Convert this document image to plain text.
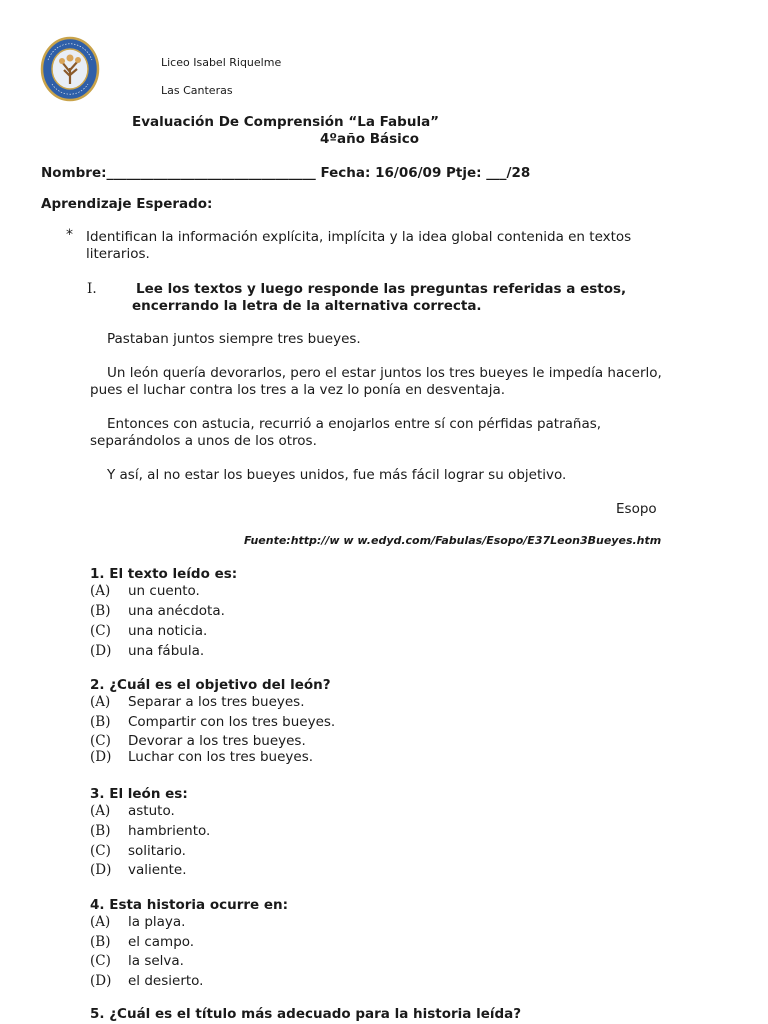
Liceo Isabel Riquelme
Las Canteras
Evaluación De Comprensión “La Fabula”
4ºaño Básico
Nombre:_______________________________ Fecha: 16/06/09 Ptje: ___/28
Aprendizaje Esperado:
* Identifican la información explícita, implícita y la idea global contenida en textos
literarios.
I.	Lee los textos y luego responde las preguntas referidas a estos,
encerrando la letra de la alternativa correcta.
Pastaban juntos siempre tres bueyes.
Un león quería devorarlos, pero el estar juntos los tres bueyes le impedía hacerlo,
pues el luchar contra los tres a la vez lo ponía en desventaja.
Entonces con astucia, recurrió a enojarlos entre sí con pérfidas patrañas,
separándolos a unos de los otros.
Y así, al no estar los bueyes unidos, fue más fácil lograr su objetivo.
Esopo
Fuente:http://w w w.edyd.com/Fabulas/Esopo/E37Leon3Bueyes.htm
1. El texto leído es:
(A) un cuento.
(B) una anécdota.
(C) una noticia.
(D) una fábula.
2. ¿Cuál es el objetivo del león?
(A) Separar a los tres bueyes.
(B) Compartir con los tres bueyes.
(C) Devorar a los tres bueyes.
(D) Luchar con los tres bueyes.
3. El león es:
(A) astuto.
(B) hambriento.
(C) solitario.
(D) valiente.
4. Esta historia ocurre en:
(A) la playa.
(B) el campo.
(C) la selva.
(D) el desierto.
5. ¿Cuál es el título más adecuado para la historia leída?
